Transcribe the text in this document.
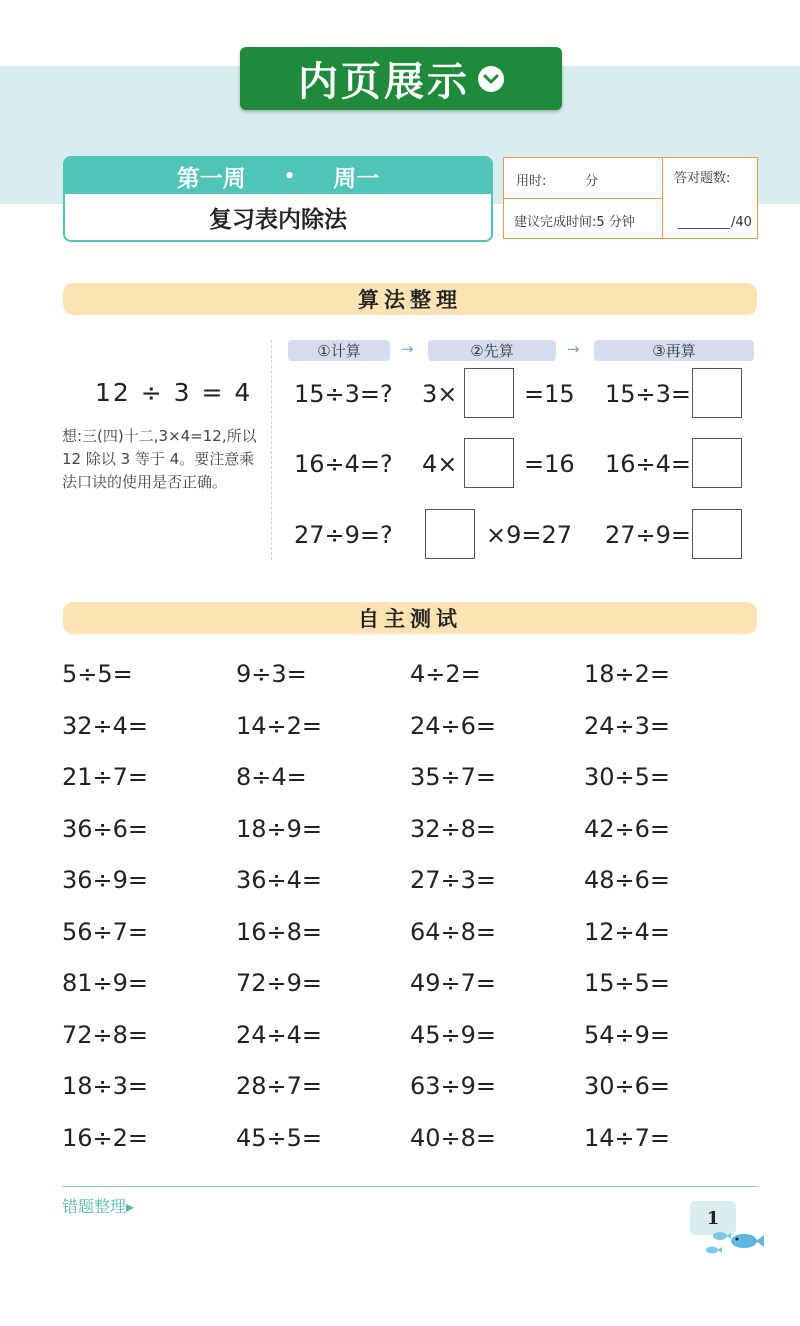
内页展示
第一周 • 周一
复习表内除法
用时:	分
建议完成时间:5 分钟
答对题数:
/40
算法整理
12 ÷ 3 = 4
想:三(四)十二,3×4=12,所以 12 除以 3 等于 4。要注意乘法口诀的使用是否正确。
①计算	→	②先算	→	③再算
15÷3=? 3×	=15 15÷3=
16÷4=? 4×	=16 16÷4=
27÷9=?	×9=27 27÷9=
自主测试
5÷5=	9÷3=	4÷2=	18÷2=
32÷4=	14÷2=	24÷6=	24÷3=
21÷7=	8÷4=	35÷7=	30÷5=
36÷6=	18÷9=	32÷8=	42÷6=
36÷9=	36÷4=	27÷3=	48÷6=
56÷7=	16÷8=	64÷8=	12÷4=
81÷9=	72÷9=	49÷7=	15÷5=
72÷8=	24÷4=	45÷9=	54÷9=
18÷3=	28÷7=	63÷9=	30÷6=
16÷2=	45÷5=	40÷8=	14÷7=
错题整理▸
1
